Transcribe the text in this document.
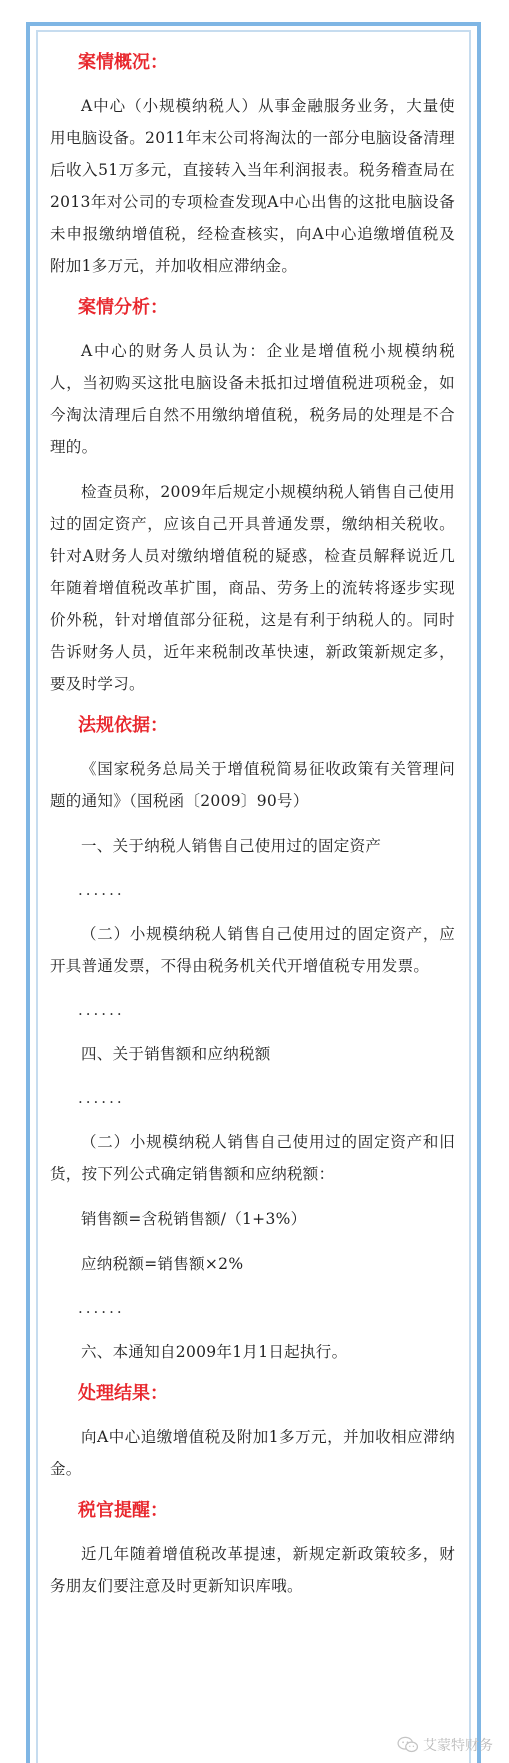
案情概况：
A中心（小规模纳税人）从事金融服务业务，大量使用电脑设备。2011年末公司将淘汰的一部分电脑设备清理后收入51万多元，直接转入当年利润报表。税务稽查局在2013年对公司的专项检查发现A中心出售的这批电脑设备未申报缴纳增值税，经检查核实，向A中心追缴增值税及附加1多万元，并加收相应滞纳金。
案情分析：
A中心的财务人员认为：企业是增值税小规模纳税人，当初购买这批电脑设备未抵扣过增值税进项税金，如今淘汰清理后自然不用缴纳增值税，税务局的处理是不合理的。
检查员称，2009年后规定小规模纳税人销售自己使用过的固定资产，应该自己开具普通发票，缴纳相关税收。针对A财务人员对缴纳增值税的疑惑，检查员解释说近几年随着增值税改革扩围，商品、劳务上的流转将逐步实现价外税，针对增值部分征税，这是有利于纳税人的。同时告诉财务人员，近年来税制改革快速，新政策新规定多，要及时学习。
法规依据：
《国家税务总局关于增值税简易征收政策有关管理问题的通知》（国税函〔2009〕90号）
一、关于纳税人销售自己使用过的固定资产
......
（二）小规模纳税人销售自己使用过的固定资产，应开具普通发票，不得由税务机关代开增值税专用发票。
......
四、关于销售额和应纳税额
......
（二）小规模纳税人销售自己使用过的固定资产和旧货，按下列公式确定销售额和应纳税额：
销售额=含税销售额/（1+3%）
应纳税额=销售额×2%
......
六、本通知自2009年1月1日起执行。
处理结果：
向A中心追缴增值税及附加1多万元，并加收相应滞纳金。
税官提醒：
近几年随着增值税改革提速，新规定新政策较多，财务朋友们要注意及时更新知识库哦。
艾蒙特财务
